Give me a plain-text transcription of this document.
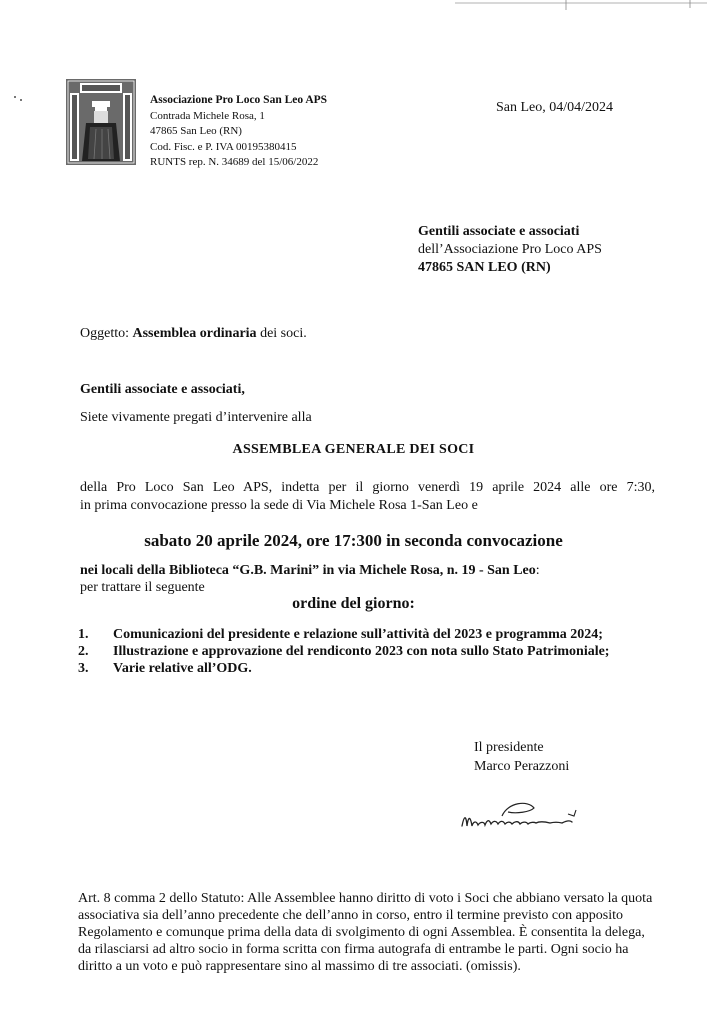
Associazione Pro Loco San Leo APS
Contrada Michele Rosa, 1
47865 San Leo (RN)
Cod. Fisc. e P. IVA 00195380415
RUNTS rep. N. 34689 del 15/06/2022
San Leo, 04/04/2024
Gentili associate e associati
dell’Associazione Pro Loco APS
47865 SAN LEO (RN)
Oggetto: Assemblea ordinaria dei soci.
Gentili associate e associati,
Siete vivamente pregati d’intervenire alla
ASSEMBLEA GENERALE DEI SOCI
della Pro Loco San Leo APS, indetta per il giorno venerdì 19 aprile 2024 alle ore 7:30,
in prima convocazione presso la sede di Via Michele Rosa 1-San Leo e
sabato 20 aprile 2024, ore 17:300 in seconda convocazione
nei locali della Biblioteca “G.B. Marini” in via Michele Rosa, n. 19 - San Leo:
per trattare il seguente
ordine del giorno:
1. Comunicazioni del presidente e relazione sull’attività del 2023 e programma 2024;
2. Illustrazione e approvazione del rendiconto 2023 con nota sullo Stato Patrimoniale;
3. Varie relative all’ODG.
Il presidente
Marco Perazzoni
Art. 8 comma 2 dello Statuto: Alle Assemblee hanno diritto di voto i Soci che abbiano versato la quota associativa sia dell’anno precedente che dell’anno in corso, entro il termine previsto con apposito Regolamento e comunque prima della data di svolgimento di ogni Assemblea. È consentita la delega, da rilasciarsi ad altro socio in forma scritta con firma autografa di entrambe le parti. Ogni socio ha diritto a un voto e può rappresentare sino al massimo di tre associati. (omissis).
